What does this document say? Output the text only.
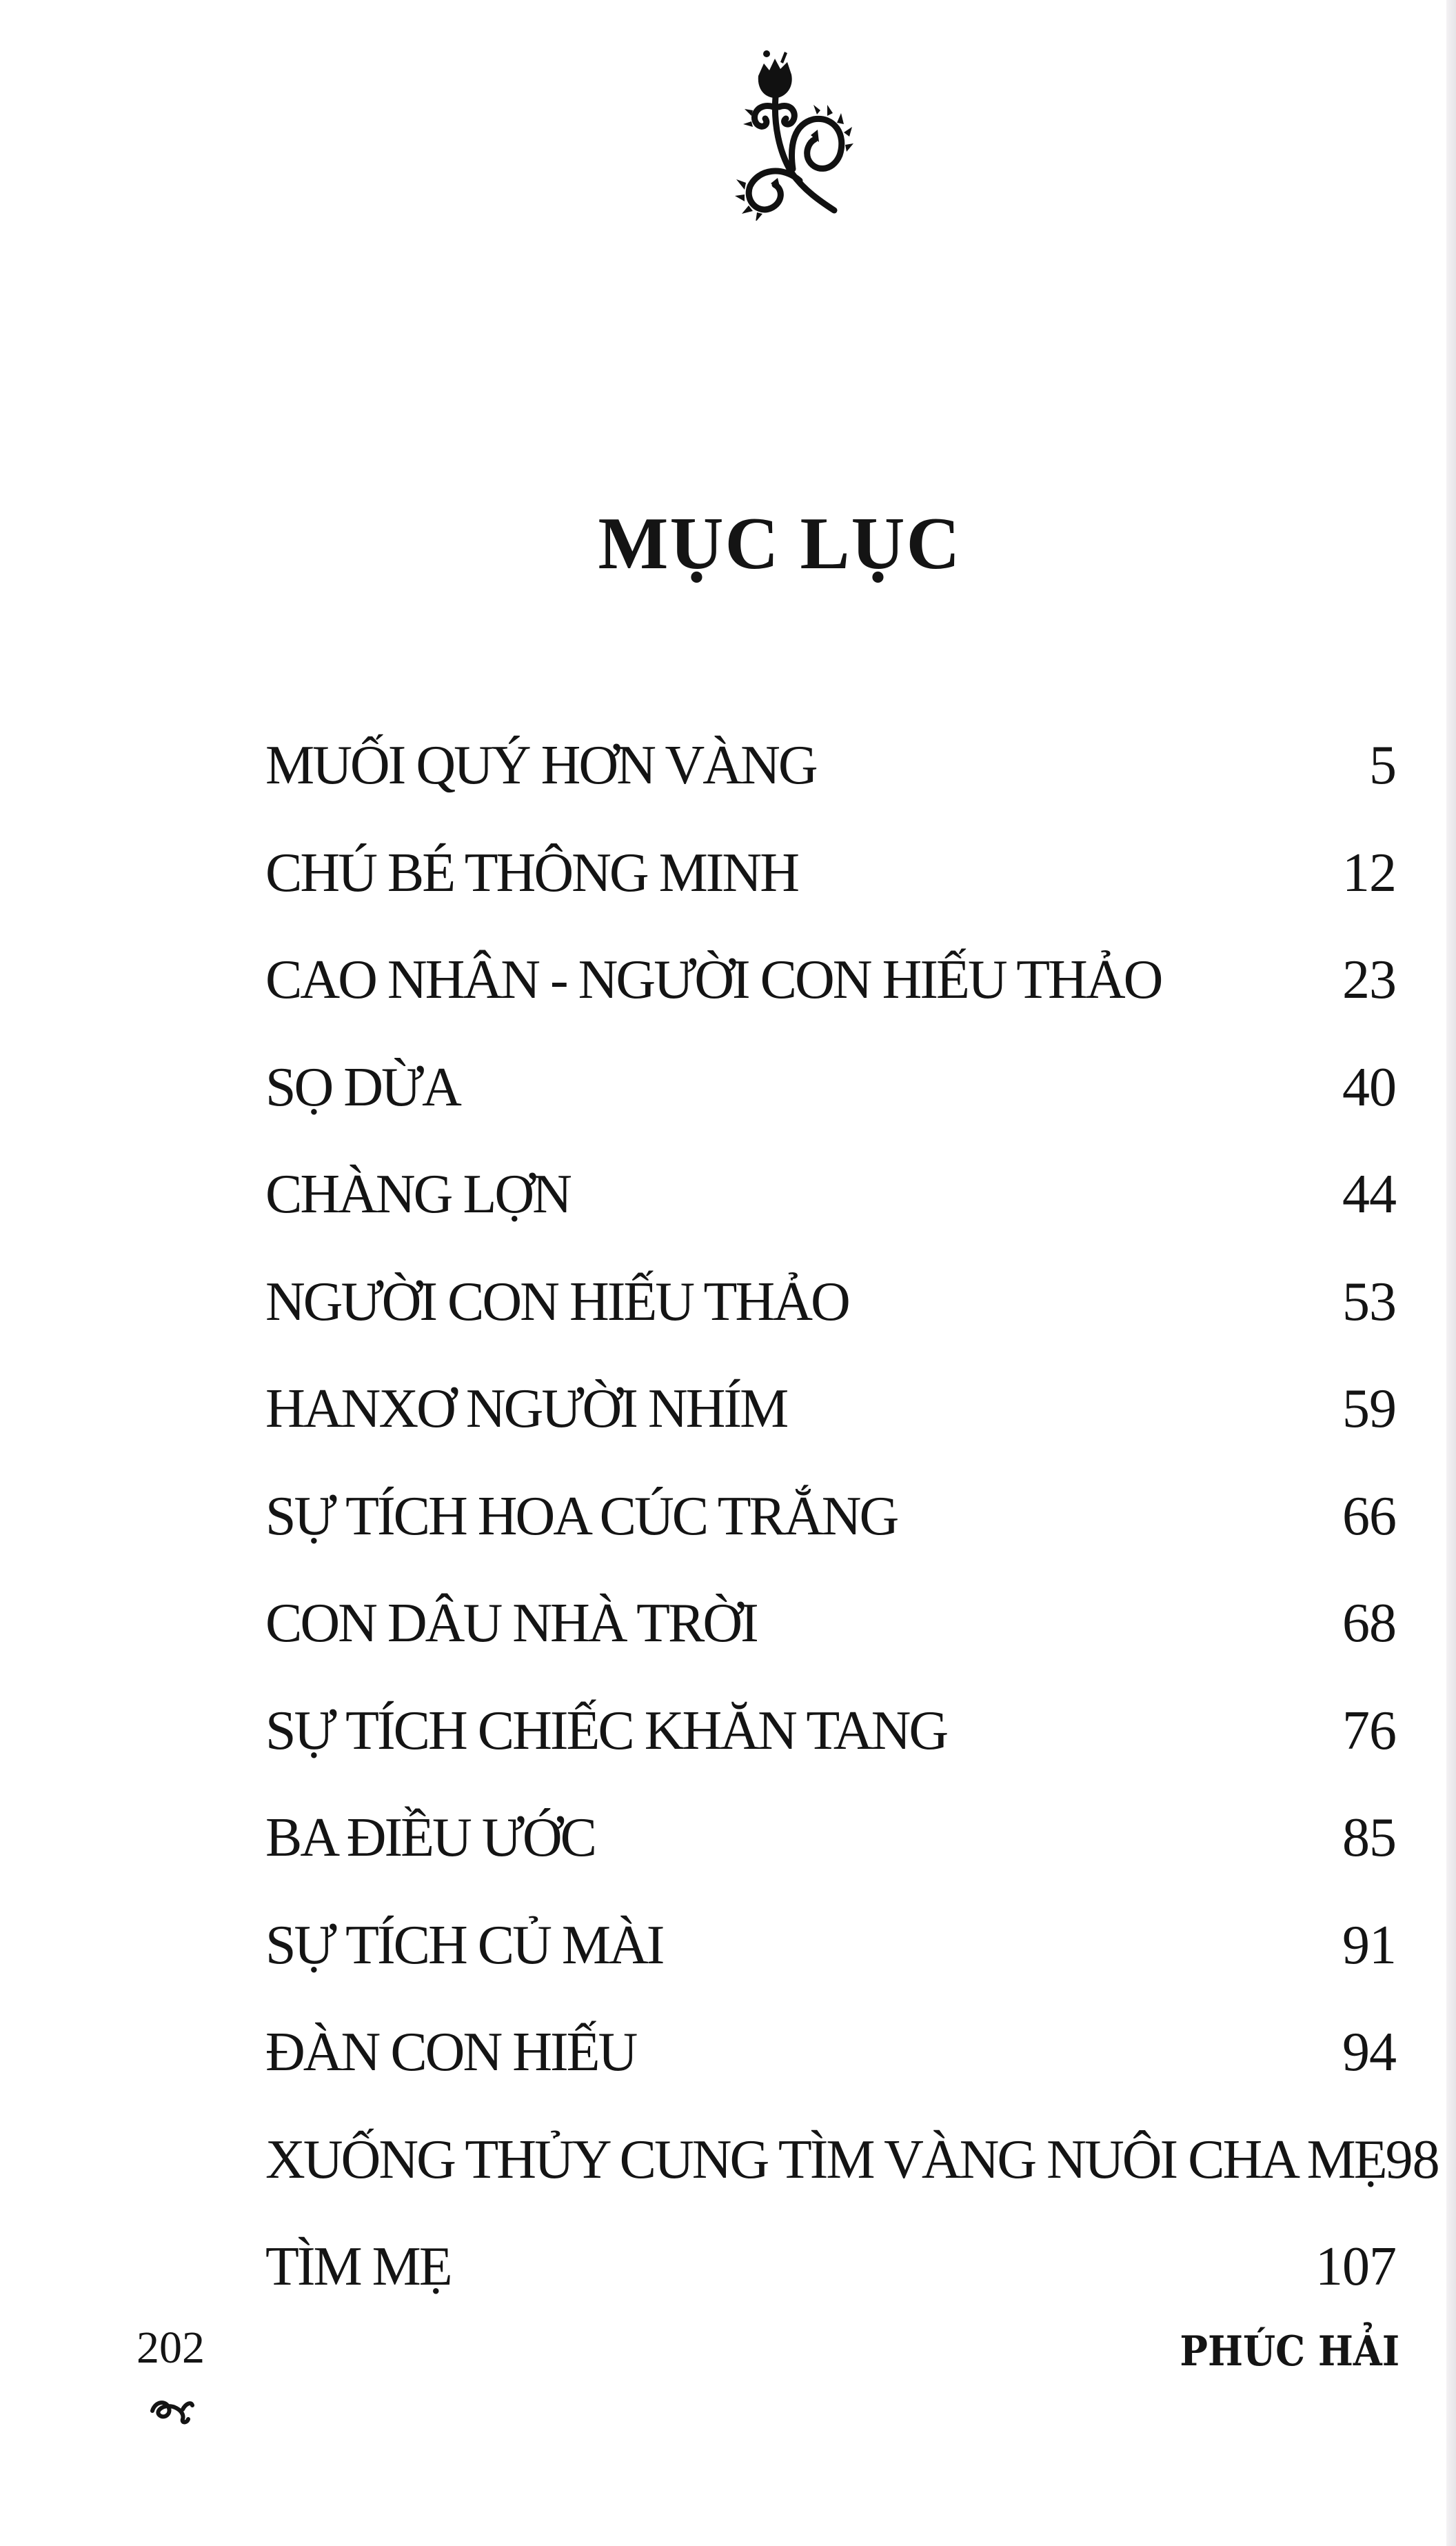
MỤC LỤC
MUỐI QUÝ HƠN VÀNG	5
CHÚ BÉ THÔNG MINH	12
CAO NHÂN - NGƯỜI CON HIẾU THẢO	23
SỌ DỪA	40
CHÀNG LỢN	44
NGƯỜI CON HIẾU THẢO	53
HANXƠ NGƯỜI NHÍM	59
SỰ TÍCH HOA CÚC TRẮNG	66
CON DÂU NHÀ TRỜI	68
SỰ TÍCH CHIẾC KHĂN TANG	76
BA ĐIỀU ƯỚC	85
SỰ TÍCH CỦ MÀI	91
ĐÀN CON HIẾU	94
XUỐNG THỦY CUNG TÌM VÀNG NUÔI CHA MẸ 98
TÌM MẸ	107
202	PHÚC HẢI
